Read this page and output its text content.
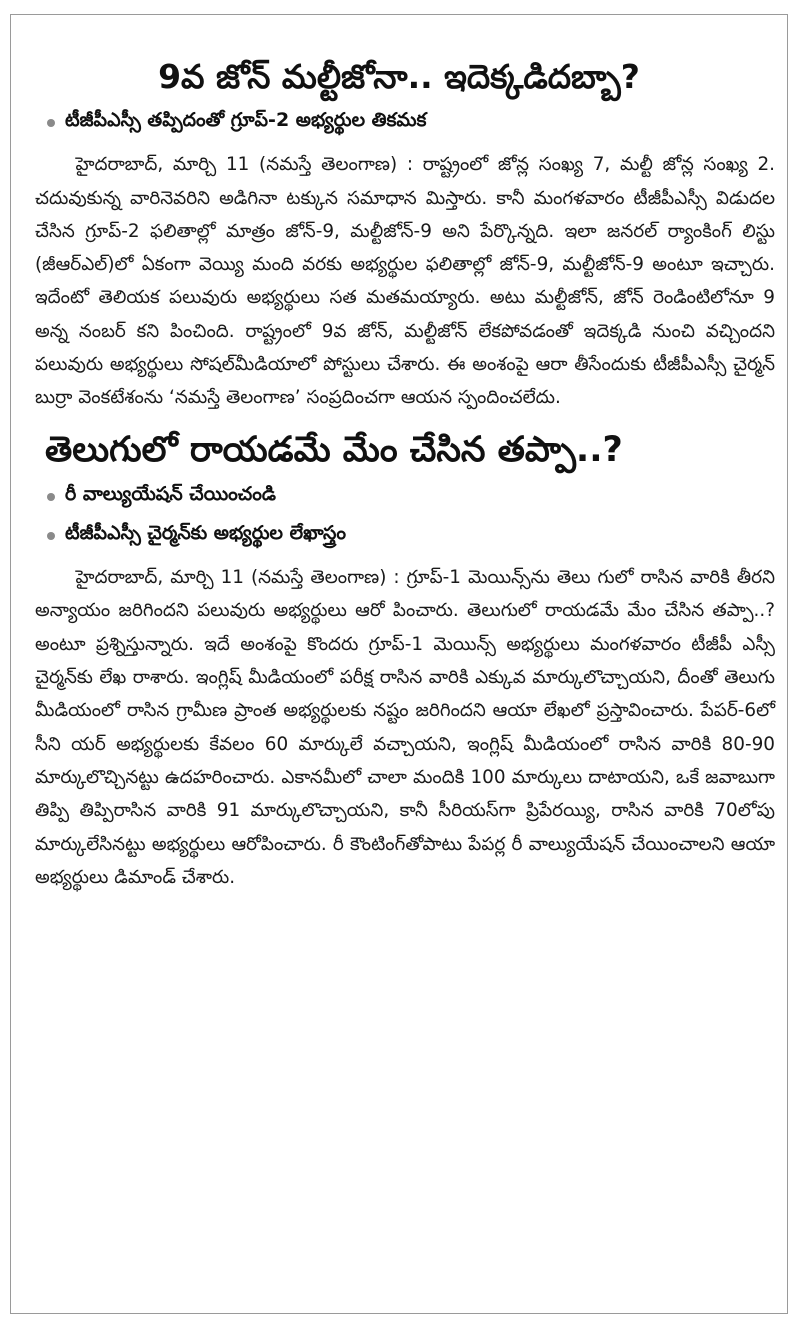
9వ జోన్ మల్టీజోనా.. ఇదెక్కడిదబ్బా?
టీజీపీఎస్సీ తప్పిదంతో గ్రూప్-2 అభ్యర్థుల తికమక

హైదరాబాద్, మార్చి 11 (నమస్తే తెలంగాణ) : రాష్ట్రంలో జోన్ల సంఖ్య 7, మల్టీ జోన్ల సంఖ్య 2. చదువుకున్న వారినెవరిని అడిగినా టక్కున సమాధాన మిస్తారు. కానీ మంగళవారం టీజీపీఎస్సీ విడుదల చేసిన గ్రూప్-2 ఫలితాల్లో మాత్రం జోన్-9, మల్టీజోన్-9 అని పేర్కొన్నది. ఇలా జనరల్ ర్యాంకింగ్ లిస్టు (జీఆర్ఎల్)లో ఏకంగా వెయ్యి మంది వరకు అభ్యర్థుల ఫలితాల్లో జోన్-9, మల్టీజోన్-9 అంటూ ఇచ్చారు. ఇదేంటో తెలియక పలువురు అభ్యర్థులు సత మతమయ్యారు. అటు మల్టీజోన్, జోన్ రెండింటిలోనూ 9 అన్న నంబర్ కని పించింది. రాష్ట్రంలో 9వ జోన్, మల్టీజోన్ లేకపోవడంతో ఇదెక్కడి నుంచి వచ్చిందని పలువురు అభ్యర్థులు సోషల్‌మీడియాలో పోస్టులు చేశారు. ఈ అంశంపై ఆరా తీసేందుకు టీజీపీఎస్సీ చైర్మన్ బుర్రా వెంకటేశంను ‘నమస్తే తెలంగాణ’ సంప్రదించగా ఆయన స్పందించలేదు.

తెలుగులో రాయడమే మేం చేసిన తప్పా..?
రీ వాల్యుయేషన్ చేయించండి
టీజీపీఎస్సీ చైర్మన్‌కు అభ్యర్థుల లేఖాస్త్రం

హైదరాబాద్, మార్చి 11 (నమస్తే తెలంగాణ) : గ్రూప్-1 మెయిన్స్‌ను తెలు గులో రాసిన వారికి తీరని అన్యాయం జరిగిందని పలువురు అభ్యర్థులు ఆరో పించారు. తెలుగులో రాయడమే మేం చేసిన తప్పా..? అంటూ ప్రశ్నిస్తున్నారు. ఇదే అంశంపై కొందరు గ్రూప్-1 మెయిన్స్ అభ్యర్థులు మంగళవారం టీజీపీ ఎస్సీ చైర్మన్‌కు లేఖ రాశారు. ఇంగ్లిష్ మీడియంలో పరీక్ష రాసిన వారికి ఎక్కువ మార్కులొచ్చాయని, దీంతో తెలుగు మీడియంలో రాసిన గ్రామీణ ప్రాంత అభ్యర్థులకు నష్టం జరిగిందని ఆయా లేఖలో ప్రస్తావించారు. పేపర్-6లో సీని యర్ అభ్యర్థులకు కేవలం 60 మార్కులే వచ్చాయని, ఇంగ్లిష్ మీడియంలో రాసిన వారికి 80-90 మార్కులొచ్చినట్టు ఉదహరించారు. ఎకానమీలో చాలా మందికి 100 మార్కులు దాటాయని, ఒకే జవాబుగా తిప్పి తిప్పిరాసిన వారికి 91 మార్కులొచ్చాయని, కానీ సీరియస్‌గా ప్రిపేరయ్యి, రాసిన వారికి 70లోపు మార్కులేసినట్టు అభ్యర్థులు ఆరోపించారు. రీ కౌంటింగ్‌తోపాటు పేపర్ల రీ వాల్యుయేషన్ చేయించాలని ఆయా అభ్యర్థులు డిమాండ్ చేశారు.
